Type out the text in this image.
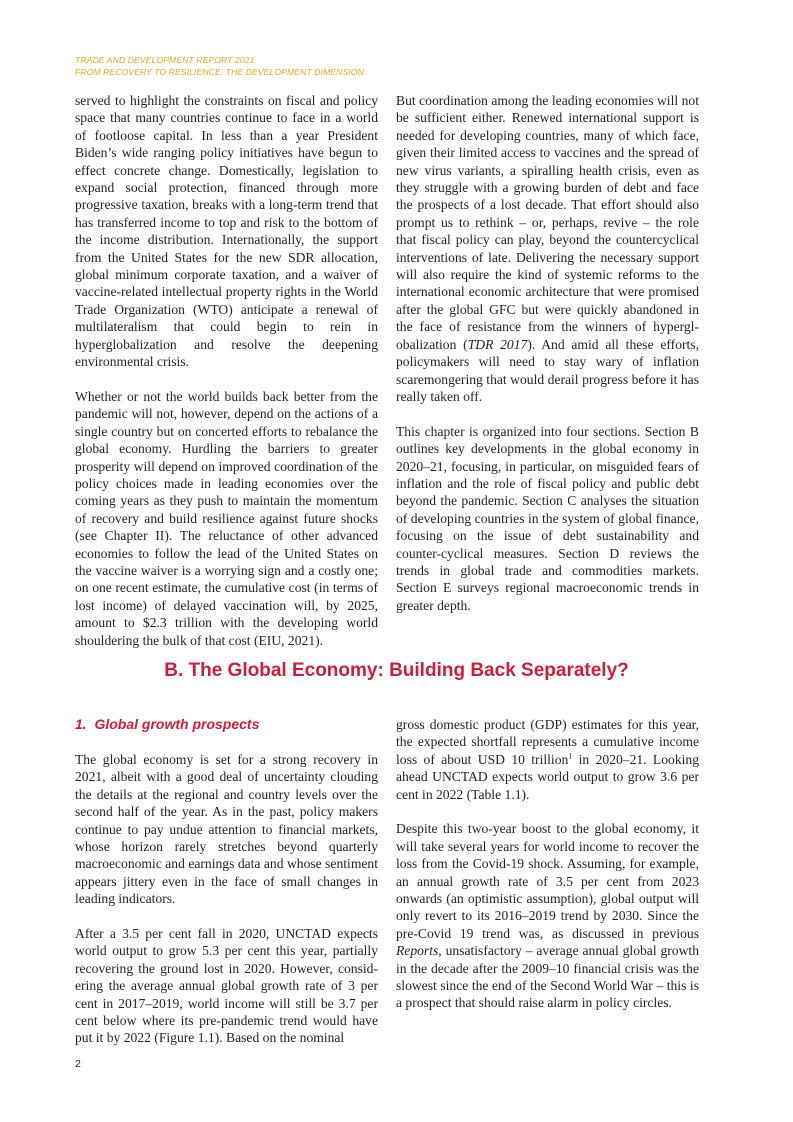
TRADE AND DEVELOPMENT REPORT 2021
FROM RECOVERY TO RESILIENCE: THE DEVELOPMENT DIMENSION

served to highlight the constraints on fiscal and policy space that many countries continue to face in a world of footloose capital. In less than a year President Biden’s wide ranging policy initiatives have begun to effect concrete change. Domestically, legislation to expand social protection, financed through more progressive taxation, breaks with a long-term trend that has transferred income to top and risk to the bottom of the income distribution. Internationally, the support from the United States for the new SDR allocation, global minimum corporate taxation, and a waiver of vaccine-related intellectual property rights in the World Trade Organization (WTO) anticipate a renewal of multilateralism that could begin to rein in hyperglobalization and resolve the deepening environmental crisis.

Whether or not the world builds back better from the pandemic will not, however, depend on the actions of a single country but on concerted efforts to rebalance the global economy. Hurdling the barriers to greater prosperity will depend on improved coordination of the policy choices made in leading economies over the coming years as they push to maintain the momentum of recovery and build resilience against future shocks (see Chapter II). The reluctance of other advanced economies to follow the lead of the United States on the vaccine waiver is a worrying sign and a costly one; on one recent estimate, the cumulative cost (in terms of lost income) of delayed vaccination will, by 2025, amount to $2.3 trillion with the developing world shouldering the bulk of that cost (EIU, 2021).

But coordination among the leading economies will not be sufficient either. Renewed international support is needed for developing countries, many of which face, given their limited access to vaccines and the spread of new virus variants, a spiralling health crisis, even as they struggle with a growing burden of debt and face the prospects of a lost decade. That effort should also prompt us to rethink – or, perhaps, revive – the role that fiscal policy can play, beyond the countercyclical interventions of late. Delivering the necessary support will also require the kind of systemic reforms to the international economic architecture that were promised after the global GFC but were quickly abandoned in the face of resistance from the winners of hyperglobalization (TDR 2017). And amid all these efforts, policymakers will need to stay wary of inflation scaremongering that would derail progress before it has really taken off.

This chapter is organized into four sections. Section B outlines key developments in the global economy in 2020–21, focusing, in particular, on misguided fears of inflation and the role of fiscal policy and public debt beyond the pandemic. Section C analyses the situation of developing countries in the system of global finance, focusing on the issue of debt sustainability and counter-cyclical measures. Section D reviews the trends in global trade and commodities markets. Section E surveys regional macroeconomic trends in greater depth.

B. The Global Economy: Building Back Separately?
1. Global growth prospects

The global economy is set for a strong recovery in 2021, albeit with a good deal of uncertainty clouding the details at the regional and country levels over the second half of the year. As in the past, policy makers continue to pay undue attention to financial markets, whose horizon rarely stretches beyond quarterly macroeconomic and earnings data and whose sentiment appears jittery even in the face of small changes in leading indicators.

After a 3.5 per cent fall in 2020, UNCTAD expects world output to grow 5.3 per cent this year, partially recovering the ground lost in 2020. However, considering the average annual global growth rate of 3 per cent in 2017–2019, world income will still be 3.7 per cent below where its pre-pandemic trend would have put it by 2022 (Figure 1.1). Based on the nominal

gross domestic product (GDP) estimates for this year, the expected shortfall represents a cumulative income loss of about USD 10 trillion$^1$ in 2020–21. Looking ahead UNCTAD expects world output to grow 3.6 per cent in 2022 (Table 1.1).

Despite this two-year boost to the global economy, it will take several years for world income to recover the loss from the Covid-19 shock. Assuming, for example, an annual growth rate of 3.5 per cent from 2023 onwards (an optimistic assumption), global output will only revert to its 2016–2019 trend by 2030. Since the pre-Covid 19 trend was, as discussed in previous Reports, unsatisfactory – average annual global growth in the decade after the 2009–10 financial crisis was the slowest since the end of the Second World War – this is a prospect that should raise alarm in policy circles.

2
